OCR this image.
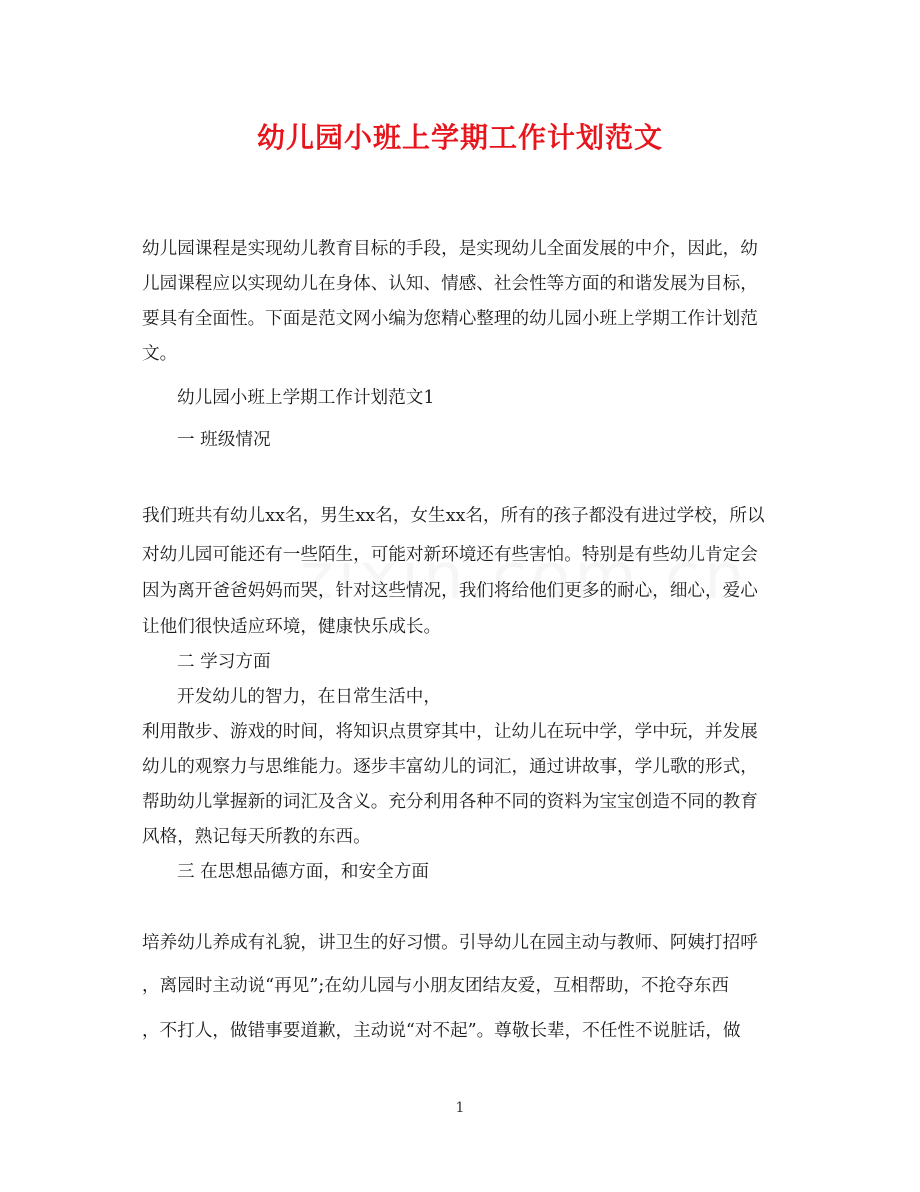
幼儿园小班上学期工作计划范文
幼儿园课程是实现幼儿教育目标的手段，是实现幼儿全面发展的中介，因此，幼
儿园课程应以实现幼儿在身体、认知、情感、社会性等方面的和谐发展为目标，
要具有全面性。下面是范文网小编为您精心整理的幼儿园小班上学期工作计划范
文。
幼儿园小班上学期工作计划范文1
一 班级情况
我们班共有幼儿xx名，男生xx名，女生xx名，所有的孩子都没有进过学校，所以
对幼儿园可能还有一些陌生，可能对新环境还有些害怕。特别是有些幼儿肯定会
因为离开爸爸妈妈而哭，针对这些情况，我们将给他们更多的耐心，细心，爱心
让他们很快适应环境，健康快乐成长。
二 学习方面
开发幼儿的智力，在日常生活中，
利用散步、游戏的时间，将知识点贯穿其中，让幼儿在玩中学，学中玩，并发展
幼儿的观察力与思维能力。逐步丰富幼儿的词汇，通过讲故事，学儿歌的形式，
帮助幼儿掌握新的词汇及含义。充分利用各种不同的资料为宝宝创造不同的教育
风格，熟记每天所教的东西。
三 在思想品德方面，和安全方面
培养幼儿养成有礼貌，讲卫生的好习惯。引导幼儿在园主动与教师、阿姨打招呼
，离园时主动说“再见”;在幼儿园与小朋友团结友爱，互相帮助，不抢夺东西
，不打人，做错事要道歉，主动说“对不起”。尊敬长辈，不任性不说脏话，做
1
